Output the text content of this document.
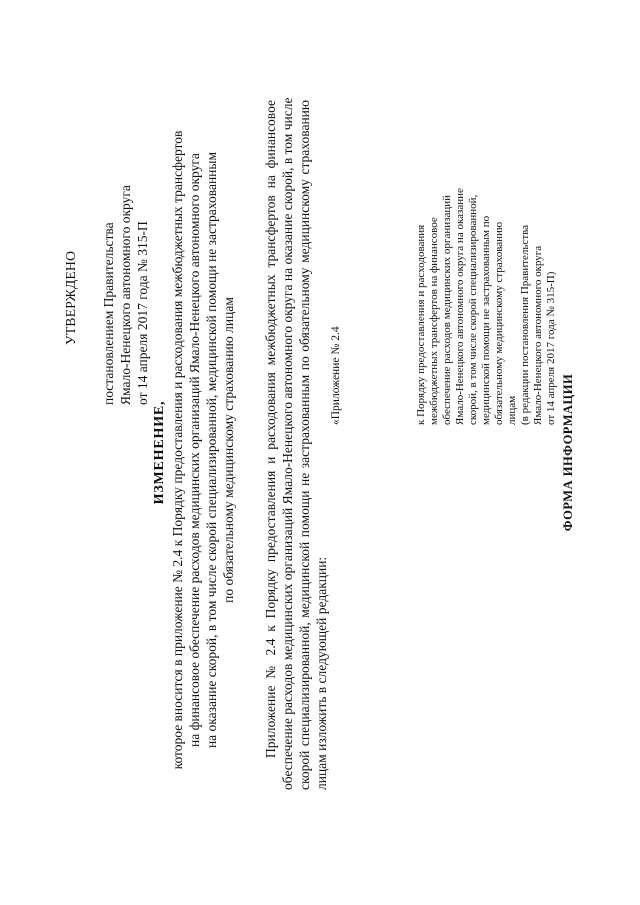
УТВЕРЖДЕНО постановлением Правительства Ямало-Ненецкого автономного округа от 14 апреля 2017 года № 315-П
ИЗМЕНЕНИЕ, которое вносится в приложение № 2.4 к Порядку предоставления и расходования межбюджетных трансфертов на финансовое обеспечение расходов медицинских организаций Ямало-Ненецкого автономного округа на оказание скорой, в том числе скорой специализированной, медицинской помощи не застрахованным по обязательному медицинскому страхованию лицам Приложение № 2.4 к Порядку предоставления и расходования межбюджетных трансфертов на финансовое обеспечение расходов медицинских организаций Ямало-Ненецкого автономного округа на оказание скорой, в том числе скорой специализированной, медицинской помощи не застрахованным по обязательному медицинскому страхованию лицам изложить в следующей редакции:
«Приложение № 2.4	к Порядку предоставления и расходования межбюджетных трансфертов на финансовое обеспечение расходов медицинских организаций Ямало-Ненецкого автономного округа на оказание скорой, в том числе скорой специализированной, медицинской помощи не застрахованным по обязательному медицинскому страхованию лицам (в редакции постановления Правительства Ямало-Ненецкого автономного округа от 14 апреля 2017 года № 315-П)
ФОРМА ИНФОРМАЦИИ
